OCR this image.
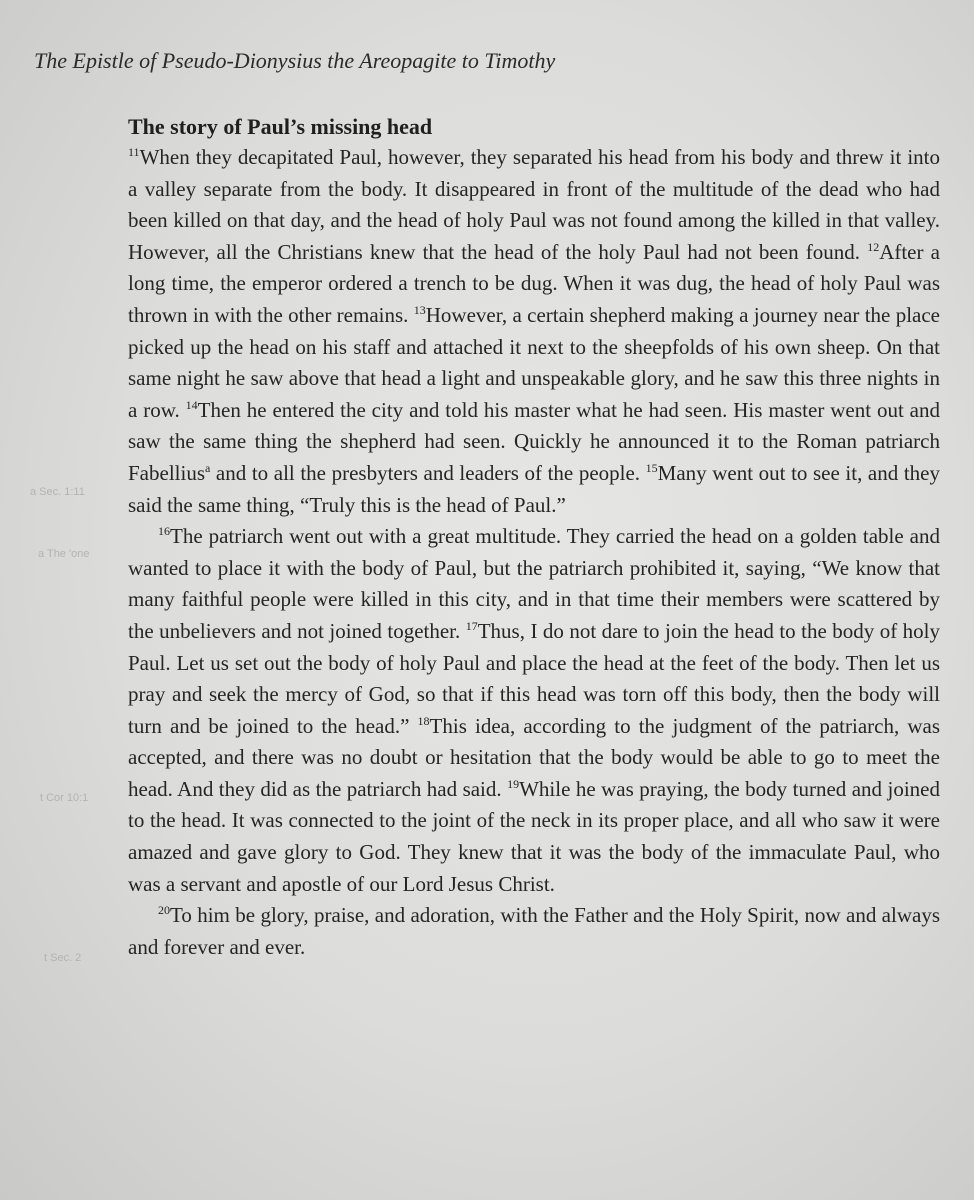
The Epistle of Pseudo-Dionysius the Areopagite to Timothy
a Sec. 1:11
a The 'one
t Cor 10:1
t Sec. 2
The story of Paul’s missing head

$^{11}$When they decapitated Paul, however, they separated his head from his body and threw it into a valley separate from the body. It disappeared in front of the multitude of the dead who had been killed on that day, and the head of holy Paul was not found among the killed in that valley. However, all the Christians knew that the head of the holy Paul had not been found. $^{12}$After a long time, the emperor ordered a trench to be dug. When it was dug, the head of holy Paul was thrown in with the other remains. $^{13}$However, a certain shepherd making a journey near the place picked up the head on his staff and attached it next to the sheepfolds of his own sheep. On that same night he saw above that head a light and unspeakable glory, and he saw this three nights in a row. $^{14}$Then he entered the city and told his master what he had seen. His master went out and saw the same thing the shepherd had seen. Quickly he announced it to the Roman patriarch Fabellius$^a$ and to all the presbyters and leaders of the people. $^{15}$Many went out to see it, and they said the same thing, “Truly this is the head of Paul.”

$^{16}$The patriarch went out with a great multitude. They carried the head on a golden table and wanted to place it with the body of Paul, but the patriarch prohibited it, saying, “We know that many faithful people were killed in this city, and in that time their members were scattered by the unbelievers and not joined together. $^{17}$Thus, I do not dare to join the head to the body of holy Paul. Let us set out the body of holy Paul and place the head at the feet of the body. Then let us pray and seek the mercy of God, so that if this head was torn off this body, then the body will turn and be joined to the head.” $^{18}$This idea, according to the judgment of the patriarch, was accepted, and there was no doubt or hesitation that the body would be able to go to meet the head. And they did as the patriarch had said. $^{19}$While he was praying, the body turned and joined to the head. It was connected to the joint of the neck in its proper place, and all who saw it were amazed and gave glory to God. They knew that it was the body of the immaculate Paul, who was a servant and apostle of our Lord Jesus Christ.

$^{20}$To him be glory, praise, and adoration, with the Father and the Holy Spirit, now and always and forever and ever.
